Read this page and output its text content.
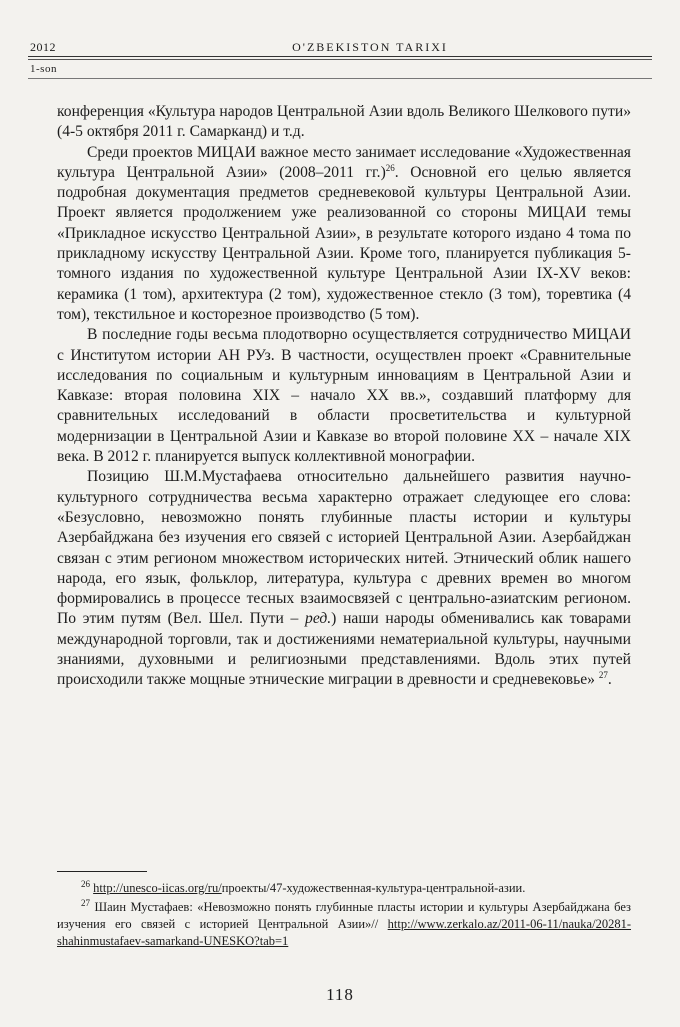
2012	O'ZBEKISTON TARIXI
1-son

конференция «Культура народов Центральной Азии вдоль Великого Шелкового пути» (4-5 октября 2011 г. Самарканд) и т.д.

Среди проектов МИЦАИ важное место занимает исследование «Художественная культура Центральной Азии» (2008–2011 гг.)$^{26}$. Основной его целью является подробная документация предметов средневековой культуры Центральной Азии. Проект является продолжением уже реализованной со стороны МИЦАИ темы «Прикладное искусство Центральной Азии», в результате которого издано 4 тома по прикладному искусству Центральной Азии. Кроме того, планируется публикация 5-томного издания по художественной культуре Центральной Азии IX-XV веков: керамика (1 том), архитектура (2 том), художественное стекло (3 том), торевтика (4 том), текстильное и косторезное производство (5 том).

В последние годы весьма плодотворно осуществляется сотрудничество МИЦАИ с Институтом истории АН РУз. В частности, осуществлен проект «Сравнительные исследования по социальным и культурным инновациям в Центральной Азии и Кавказе: вторая половина XIX – начало XX вв.», создавший платформу для сравнительных исследований в области просветительства и культурной модернизации в Центральной Азии и Кавказе во второй половине XX – начале XIX века. В 2012 г. планируется выпуск коллективной монографии.

Позицию Ш.М.Мустафаева относительно дальнейшего развития научно-культурного сотрудничества весьма характерно отражает следующее его слова: «Безусловно, невозможно понять глубинные пласты истории и культуры Азербайджана без изучения его связей с историей Центральной Азии. Азербайджан связан с этим регионом множеством исторических нитей. Этнический облик нашего народа, его язык, фольклор, литература, культура с древних времен во многом формировались в процессе тесных взаимосвязей с центрально-азиатским регионом. По этим путям (Вел. Шел. Пути – ред.) наши народы обменивались как товарами международной торговли, так и достижениями нематериальной культуры, научными знаниями, духовными и религиозными представлениями. Вдоль этих путей происходили также мощные этнические миграции в древности и средневековье» $^{27}$.

$^{26}$ http://unesco-iicas.org/ru/проекты/47-художественная-культура-центральной-азии.

$^{27}$ Шаин Мустафаев: «Невозможно понять глубинные пласты истории и культуры Азербайджана без изучения его связей с историей Центральной Азии»// http://www.zerkalo.az/2011-06-11/nauka/20281-shahinmustafaev-samarkand-UNESKO?tab=1

118
